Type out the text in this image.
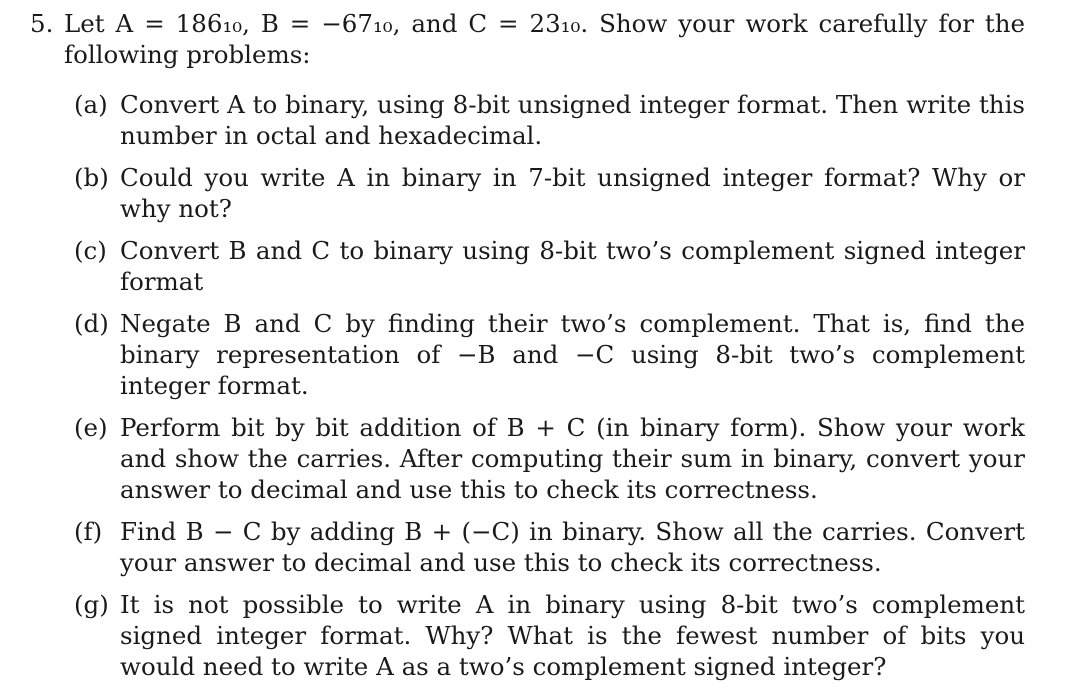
5. Let A = 186₁₀, B = −67₁₀, and C = 23₁₀. Show your work carefully for the following problems:
(a) Convert A to binary, using 8-bit unsigned integer format. Then write this number in octal and hexadecimal.
(b) Could you write A in binary in 7-bit unsigned integer format? Why or why not?
(c) Convert B and C to binary using 8-bit two’s complement signed integer format
(d) Negate B and C by finding their two’s complement. That is, find the binary representation of −B and −C using 8-bit two’s complement integer format.
(e) Perform bit by bit addition of B + C (in binary form). Show your work and show the carries. After computing their sum in binary, convert your answer to decimal and use this to check its correctness.
(f) Find B − C by adding B + (−C) in binary. Show all the carries. Convert your answer to decimal and use this to check its correctness.
(g) It is not possible to write A in binary using 8-bit two’s complement signed integer format. Why? What is the fewest number of bits you would need to write A as a two’s complement signed integer?
